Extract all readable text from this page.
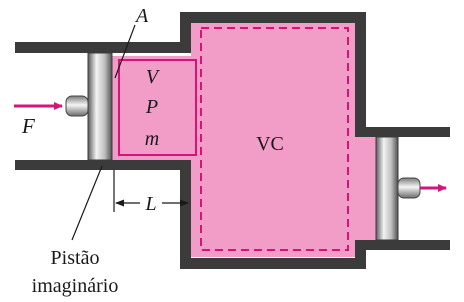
A
V
P
m
F
L
VC
Pistão
imaginário
